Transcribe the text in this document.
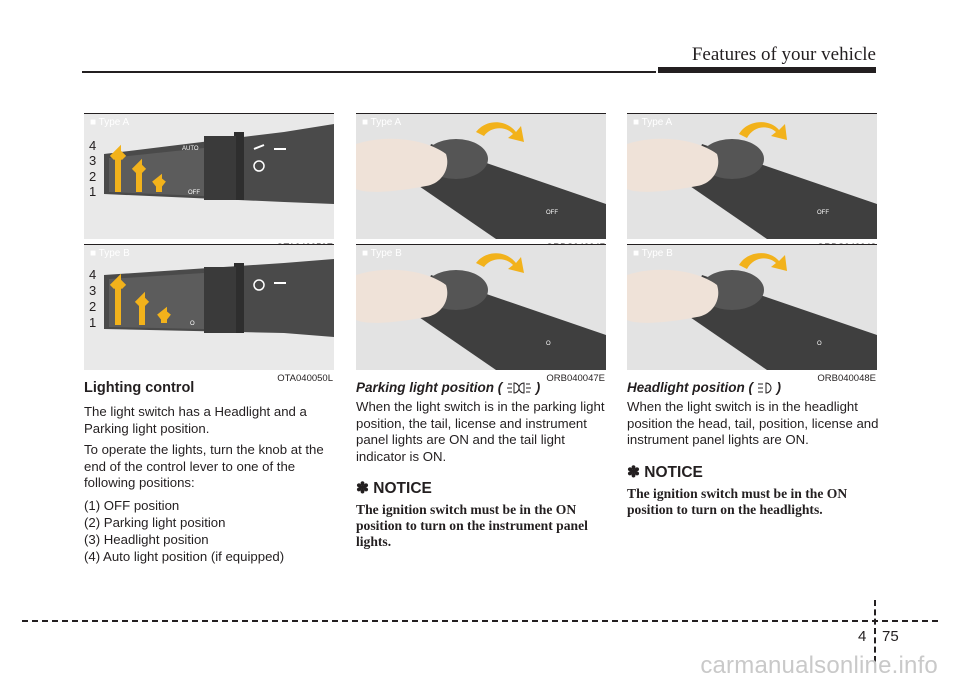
Features of your vehicle
AUTO
OFF
4
3
2
1
■ Type A
O
4
3
2
1
■ Type B
OTA040050L
OFF
■ Type A
O
■ Type B
ORB040047E
OFF
■ Type A
O
■ Type B
ORB040048E
Lighting control
The light switch has a Headlight and a Parking light position.
To operate the lights, turn the knob at the end of the control lever to one of the following positions:
(1) OFF position
(2) Parking light position
(3) Headlight position
(4) Auto light position (if equipped)
Parking light position ( )
When the light switch is in the parking light position, the tail, license and instrument panel lights are ON and the tail light indicator is ON.
✽ NOTICE
The ignition switch must be in the ON position to turn on the instrument panel lights.
Headlight position ( )
When the light switch is in the headlight position the head, tail, position, license and instrument panel lights are ON.
✽ NOTICE
The ignition switch must be in the ON position to turn on the headlights.
4 75
carmanualsonline.info
